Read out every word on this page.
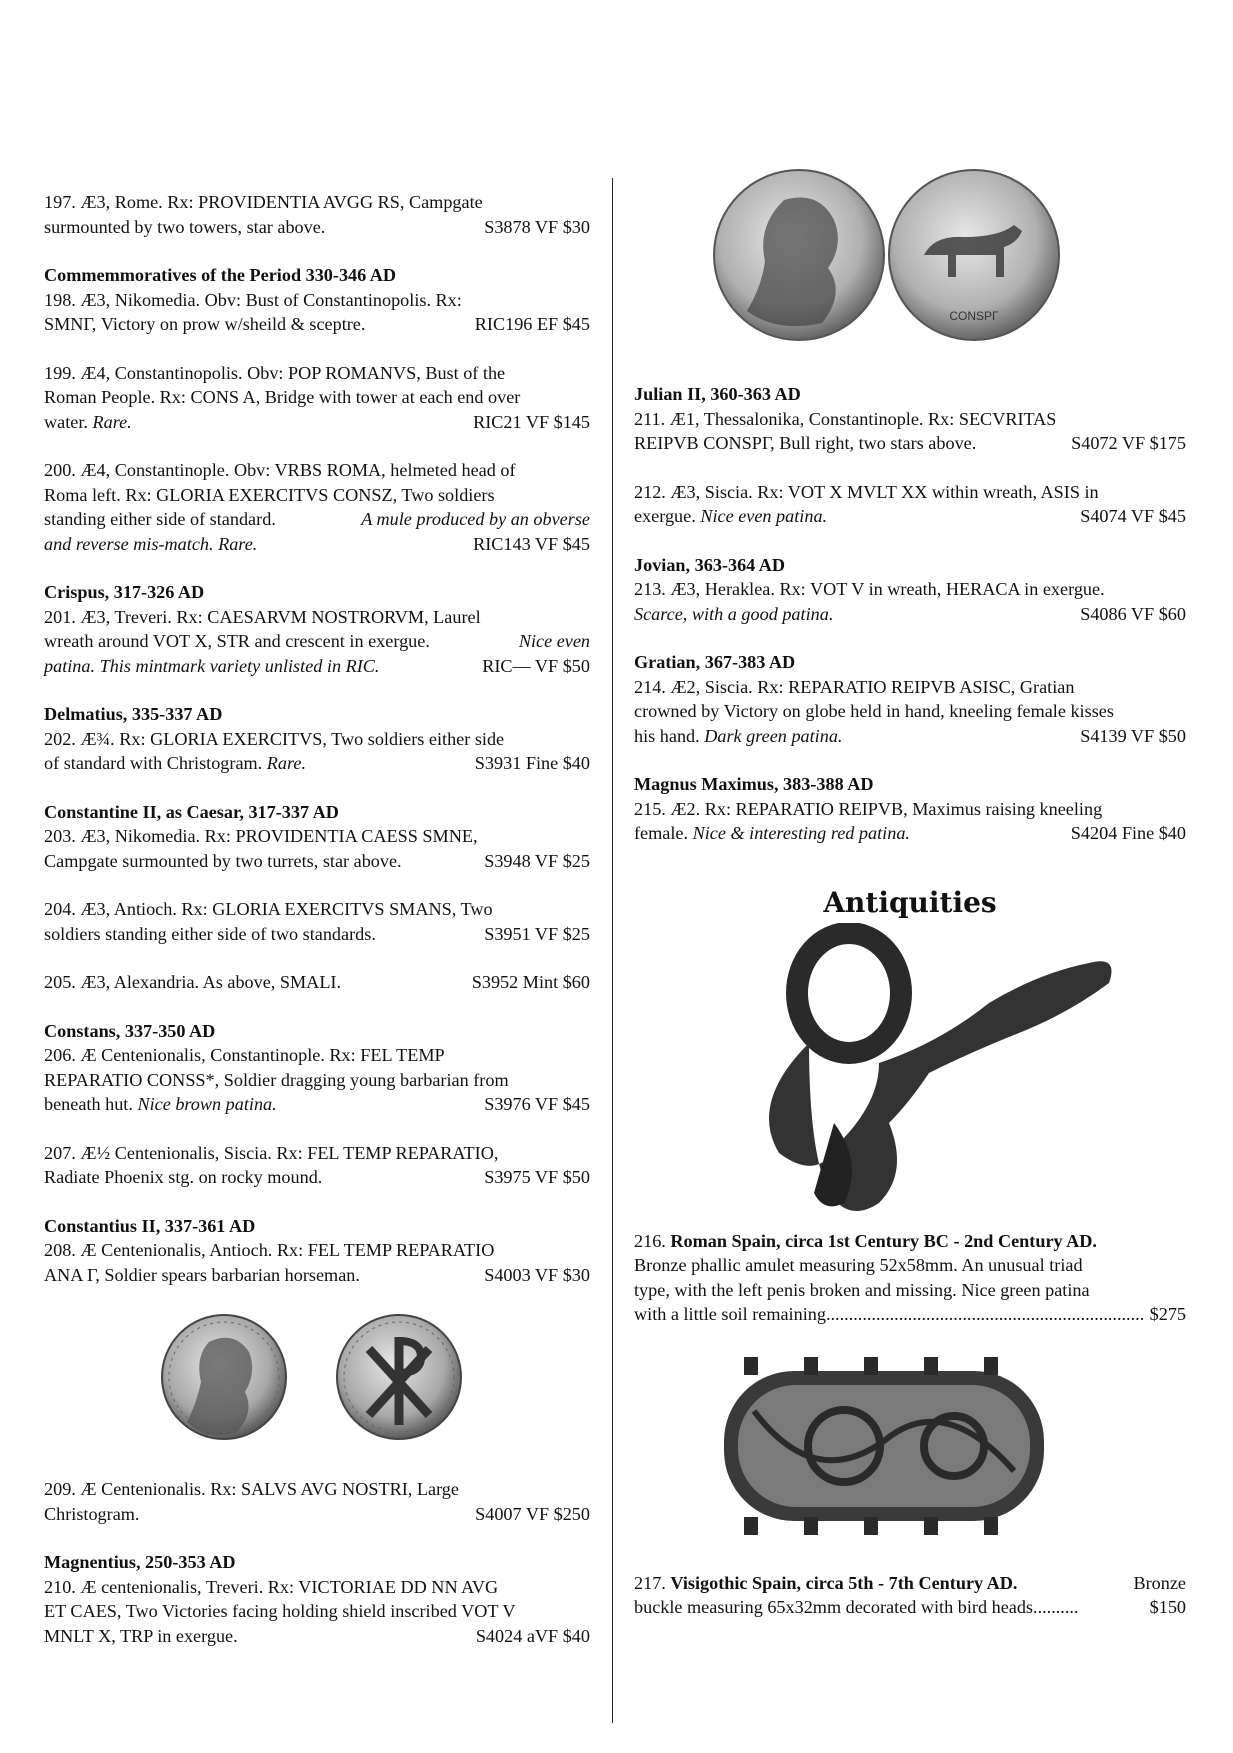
197. Æ3, Rome. Rx: PROVIDENTIA AVGG RS, Campgate
surmounted by two towers, star above.	S3878 VF $30
Commemmoratives of the Period 330-346 AD
198. Æ3, Nikomedia. Obv: Bust of Constantinopolis. Rx:
SMNΓ, Victory on prow w/sheild & sceptre.	RIC196 EF $45
199. Æ4, Constantinopolis. Obv: POP ROMANVS, Bust of the
Roman People. Rx: CONS A, Bridge with tower at each end over
water. Rare.	RIC21 VF $145
200. Æ4, Constantinople. Obv: VRBS ROMA, helmeted head of
Roma left. Rx: GLORIA EXERCITVS CONSZ, Two soldiers
standing either side of standard.	A mule produced by an obverse
and reverse mis-match. Rare.	RIC143 VF $45
Crispus, 317-326 AD
201. Æ3, Treveri. Rx: CAESARVM NOSTRORVM, Laurel
wreath around VOT X, STR and crescent in exergue.	Nice even
patina. This mintmark variety unlisted in RIC.	RIC— VF $50
Delmatius, 335-337 AD
202. Æ¾. Rx: GLORIA EXERCITVS, Two soldiers either side
of standard with Christogram. Rare.	S3931 Fine $40
Constantine II, as Caesar, 317-337 AD
203. Æ3, Nikomedia. Rx: PROVIDENTIA CAESS SMNE,
Campgate surmounted by two turrets, star above.	S3948 VF $25
204. Æ3, Antioch. Rx: GLORIA EXERCITVS SMANS, Two
soldiers standing either side of two standards.	S3951 VF $25
205. Æ3, Alexandria. As above, SMALI.	S3952 Mint $60
Constans, 337-350 AD
206. Æ Centenionalis, Constantinople. Rx: FEL TEMP
REPARATIO CONSS*, Soldier dragging young barbarian from
beneath hut. Nice brown patina.	S3976 VF $45
207. Æ½ Centenionalis, Siscia. Rx: FEL TEMP REPARATIO,
Radiate Phoenix stg. on rocky mound.	S3975 VF $50
Constantius II, 337-361 AD
208. Æ Centenionalis, Antioch. Rx: FEL TEMP REPARATIO
ANA Γ, Soldier spears barbarian horseman.	S4003 VF $30
209. Æ Centenionalis. Rx: SALVS AVG NOSTRI, Large
Christogram.	S4007 VF $250
Magnentius, 250-353 AD
210. Æ centenionalis, Treveri. Rx: VICTORIAE DD NN AVG
ET CAES, Two Victories facing holding shield inscribed VOT V
MNLT X, TRP in exergue.	S4024 aVF $40
CONSPΓ
Julian II, 360-363 AD
211. Æ1, Thessalonika, Constantinople. Rx: SECVRITAS
REIPVB CONSPΓ, Bull right, two stars above.	S4072 VF $175
212. Æ3, Siscia. Rx: VOT X MVLT XX within wreath, ASIS in
exergue. Nice even patina.	S4074 VF $45
Jovian, 363-364 AD
213. Æ3, Heraklea. Rx: VOT V in wreath, HERACA in exergue.
Scarce, with a good patina.	S4086 VF $60
Gratian, 367-383 AD
214. Æ2, Siscia. Rx: REPARATIO REIPVB ASISC, Gratian
crowned by Victory on globe held in hand, kneeling female kisses
his hand. Dark green patina.	S4139 VF $50
Magnus Maximus, 383-388 AD
215. Æ2. Rx: REPARATIO REIPVB, Maximus raising kneeling
female. Nice & interesting red patina.	S4204 Fine $40
Antiquities
216. Roman Spain, circa 1st Century BC - 2nd Century AD.
Bronze phallic amulet measuring 52x58mm. An unusual triad
type, with the left penis broken and missing. Nice green patina
with a little soil remaining ...................................................................... $275
217. Visigothic Spain, circa 5th - 7th Century AD.	Bronze
buckle measuring 65x32mm decorated with bird heads ..........	$150
